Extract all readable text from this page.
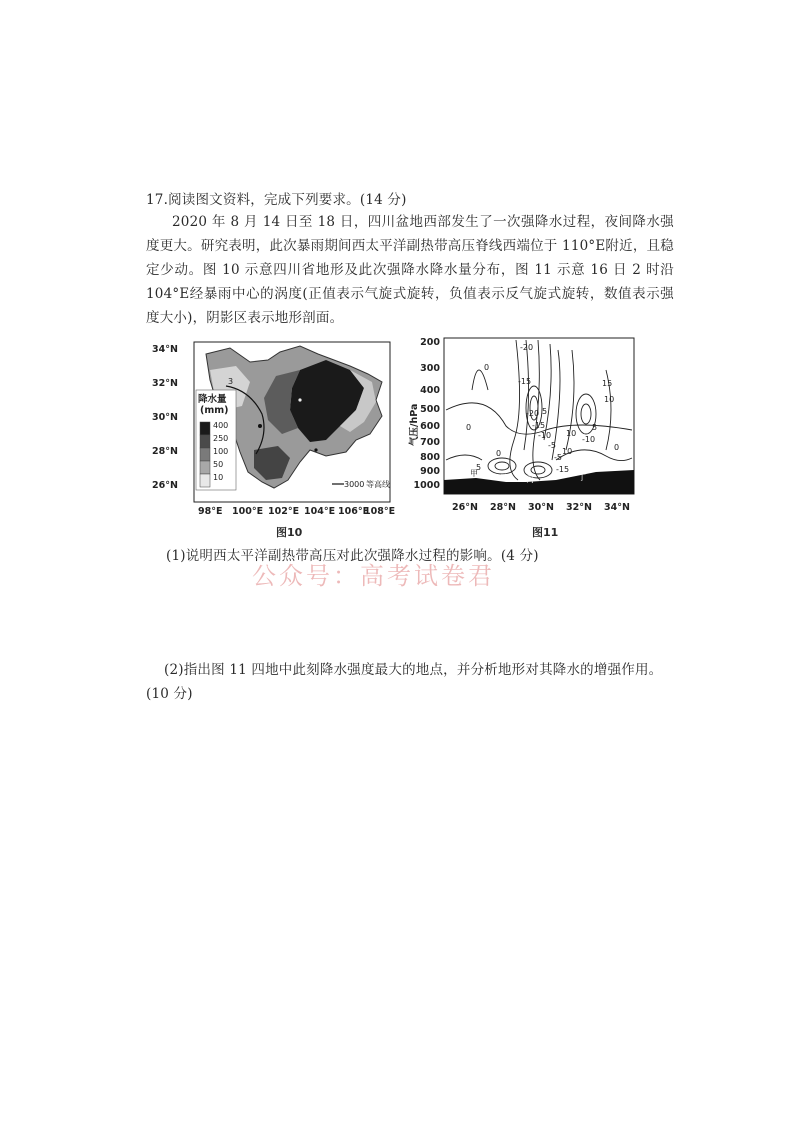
17.阅读图文资料，完成下列要求。(14 分)
2020 年 8 月 14 日至 18 日，四川盆地西部发生了一次强降水过程，夜间降水强度更大。研究表明，此次暴雨期间西太平洋副热带高压脊线西端位于 110°E附近，且稳定少动。图 10 示意四川省地形及此次强降水降水量分布，图 11 示意 16 日 2 时沿 104°E经暴雨中心的涡度(正值表示气旋式旋转，负值表示反气旋式旋转，数值表示强度大小)，阴影区表示地形剖面。
3
34°N
32°N
30°N
28°N
26°N
98°E 100°E 102°E 104°E 106°E
108°E
降水量
(mm)
400
250
100
50
10
3000 等高线
图10
200
300
400
500
600
700
800
900
1000
气压/hPa
26°N 28°N 30°N 32°N 34°N
-20
0
-15	15
-20
-15
-10
-5
10
5
-10
0	10
-5
-15
5
0
10
0
5
甲	乙 丙	丁
图11
(1)说明西太平洋副热带高压对此次强降水过程的影响。(4 分)
公众号：高考试卷君
(2)指出图 11 四地中此刻降水强度最大的地点，并分析地形对其降水的增强作用。(10 分)
